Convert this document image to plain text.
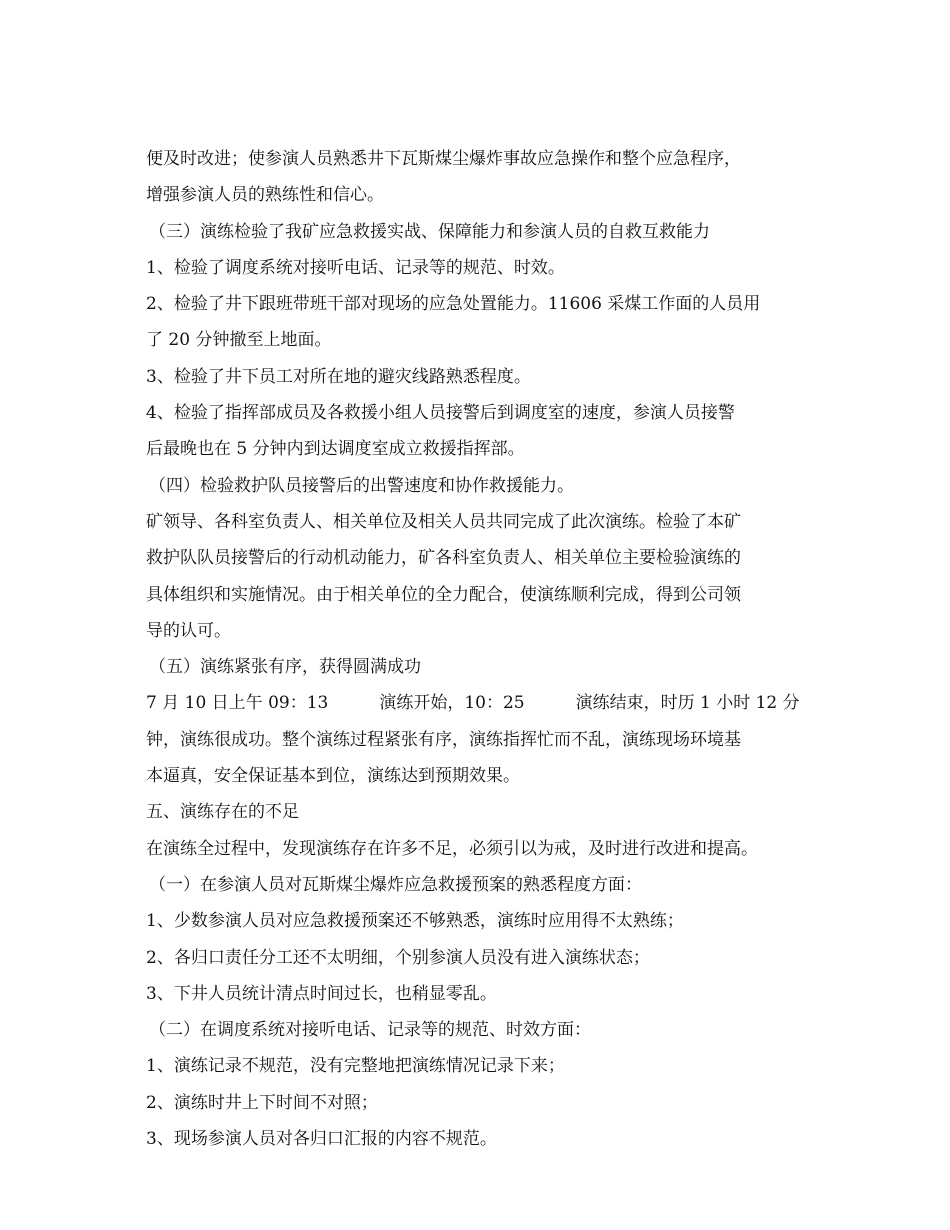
便及时改进；使参演人员熟悉井下瓦斯煤尘爆炸事故应急操作和整个应急程序，
增强参演人员的熟练性和信心。
（三）演练检验了我矿应急救援实战、保障能力和参演人员的自救互救能力
1、检验了调度系统对接听电话、记录等的规范、时效。
2、检验了井下跟班带班干部对现场的应急处置能力。11606 采煤工作面的人员用
了 20 分钟撤至上地面。
3、检验了井下员工对所在地的避灾线路熟悉程度。
4、检验了指挥部成员及各救援小组人员接警后到调度室的速度，参演人员接警
后最晚也在 5 分钟内到达调度室成立救援指挥部。
（四）检验救护队员接警后的出警速度和协作救援能力。
矿领导、各科室负责人、相关单位及相关人员共同完成了此次演练。检验了本矿
救护队队员接警后的行动机动能力，矿各科室负责人、相关单位主要检验演练的
具体组织和实施情况。由于相关单位的全力配合，使演练顺利完成，得到公司领
导的认可。
（五）演练紧张有序，获得圆满成功
7 月 10 日上午 09：13　　　演练开始，10：25　　　演练结束，时历 1 小时 12 分
钟，演练很成功。整个演练过程紧张有序，演练指挥忙而不乱，演练现场环境基
本逼真，安全保证基本到位，演练达到预期效果。
五、演练存在的不足
在演练全过程中，发现演练存在许多不足，必须引以为戒，及时进行改进和提高。
（一）在参演人员对瓦斯煤尘爆炸应急救援预案的熟悉程度方面：
1、少数参演人员对应急救援预案还不够熟悉，演练时应用得不太熟练；
2、各归口责任分工还不太明细，个别参演人员没有进入演练状态；
3、下井人员统计清点时间过长，也稍显零乱。
（二）在调度系统对接听电话、记录等的规范、时效方面：
1、演练记录不规范，没有完整地把演练情况记录下来；
2、演练时井上下时间不对照；
3、现场参演人员对各归口汇报的内容不规范。
